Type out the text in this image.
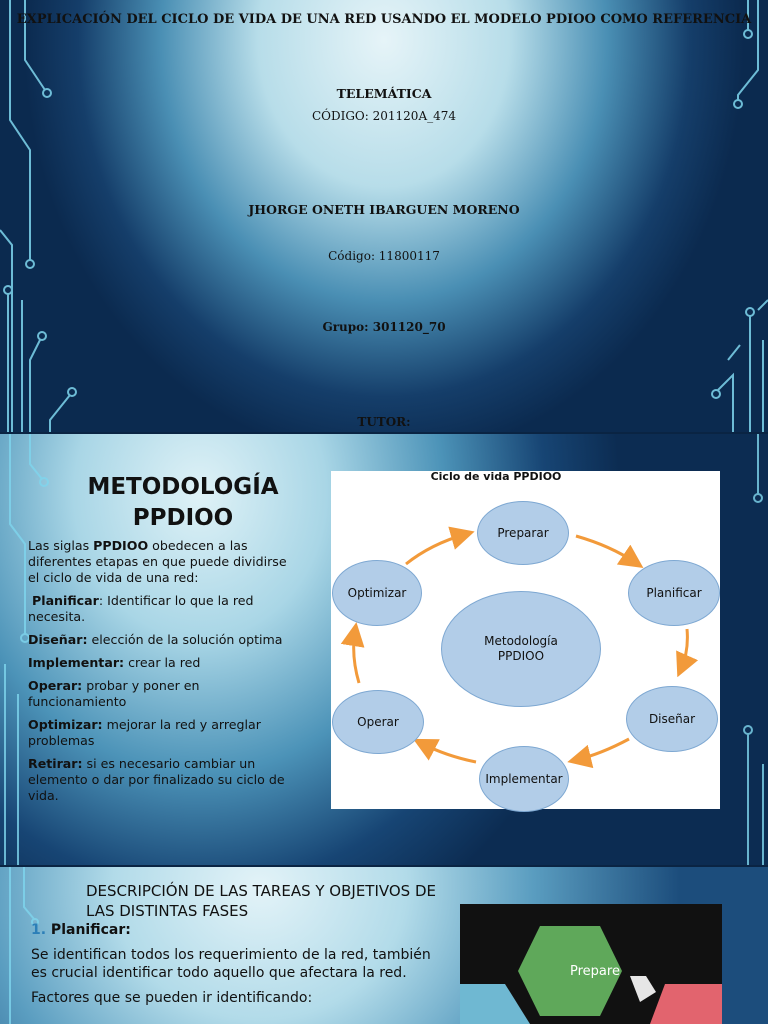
EXPLICACIÓN DEL CICLO DE VIDA DE UNA RED USANDO EL MODELO PDIOO COMO REFERENCIA
TELEMÁTICA
CÓDIGO: 201120A_474
JHORGE ONETH IBARGUEN MORENO
Código: 11800117
Grupo: 301120_70
TUTOR:
METODOLOGÍA PPDIOO

Las siglas PPDIOO obedecen a las diferentes etapas en que puede dividirse el ciclo de vida de una red:

Planificar: Identificar lo que la red necesita.

Diseñar: elección de la solución optima

Implementar: crear la red

Operar: probar y poner en funcionamiento

Optimizar: mejorar la red y arreglar problemas

Retirar: si es necesario cambiar un elemento o dar por finalizado su ciclo de vida.

Ciclo de vida PPDIOO
Preparar
Planificar
Diseñar
Implementar
Operar
Optimizar
Metodología
PPDIOO
DESCRIPCIÓN DE LAS TAREAS Y OBJETIVOS DE LAS DISTINTAS FASES

1. Planificar:

Se identifican todos los requerimiento de la red, también es crucial identificar todo aquello que afectara la red.

Factores que se pueden ir identificando:

Prepare
